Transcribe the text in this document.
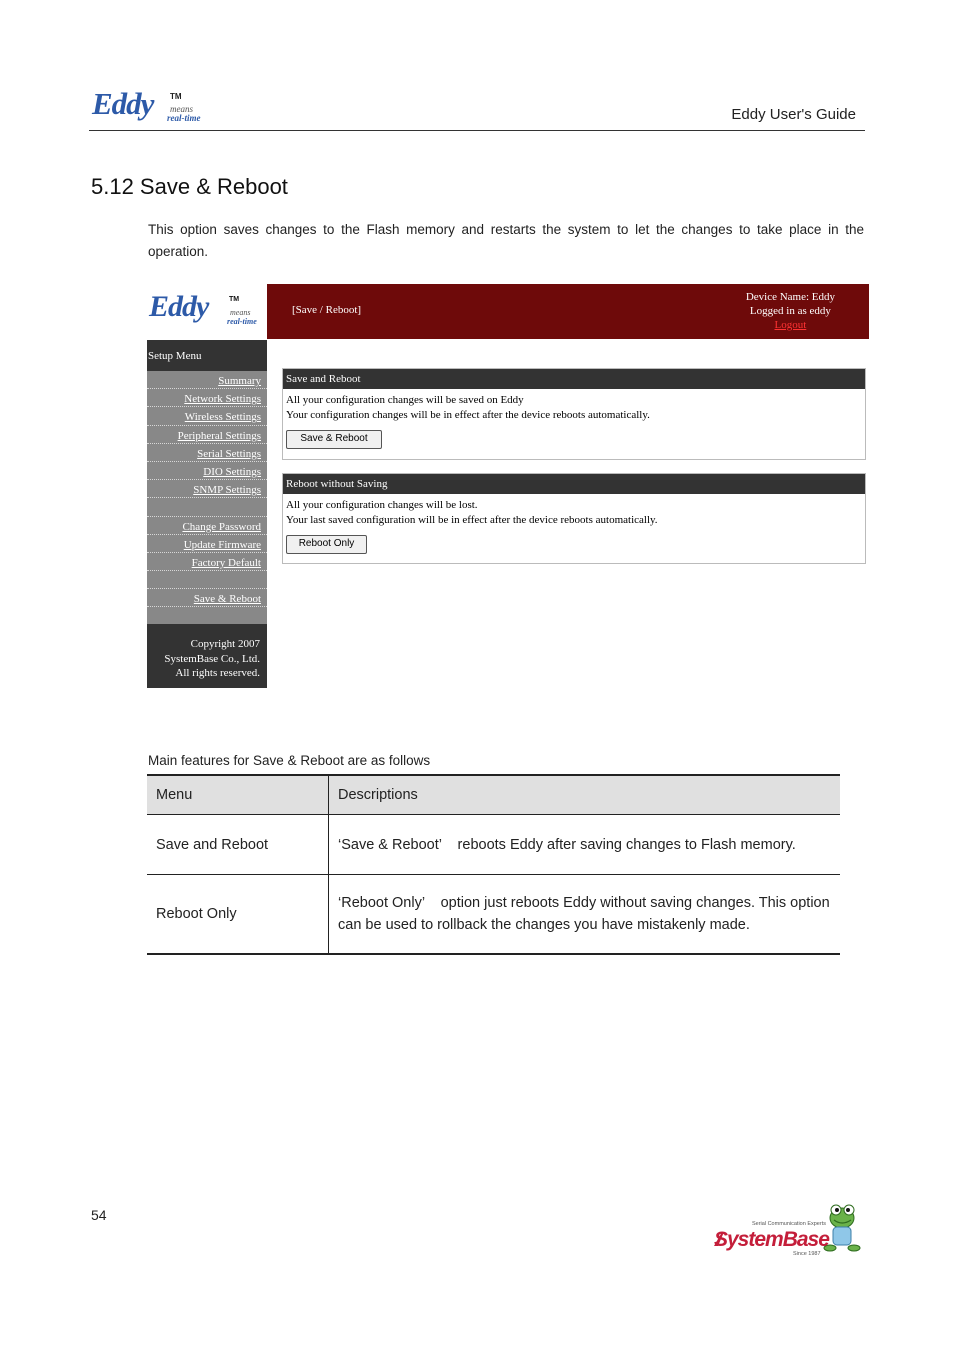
Eddy TM
means
real-time	Eddy User's Guide
5.12 Save & Reboot
This option saves changes to the Flash memory and restarts the system to let the changes to take place in the operation.
Eddy	TM
means
real-time
[Save / Reboot]
Device Name: Eddy
Logged in as eddy
Logout
Setup Menu
Summary
Network Settings
Wireless Settings
Peripheral Settings
Serial Settings
DIO Settings
SNMP Settings
Change Password
Update Firmware
Factory Default
Save & Reboot
Copyright 2007
SystemBase Co., Ltd.
All rights reserved.
Save and Reboot
All your configuration changes will be saved on Eddy
Your configuration changes will be in effect after the device reboots automatically.
Save & Reboot
Reboot without Saving
All your configuration changes will be lost.
Your last saved configuration will be in effect after the device reboots automatically.
Reboot Only
Main features for Save & Reboot are as follows
Menu	Descriptions
Save and Reboot	‘Save & Reboot’    reboots Eddy after saving changes to Flash memory.
Reboot Only	‘Reboot Only’    option just reboots Eddy without saving changes. This option can be used to rollback the changes you have mistakenly made.
54
Serial Communication Experts
SystemBase
Since 1987
